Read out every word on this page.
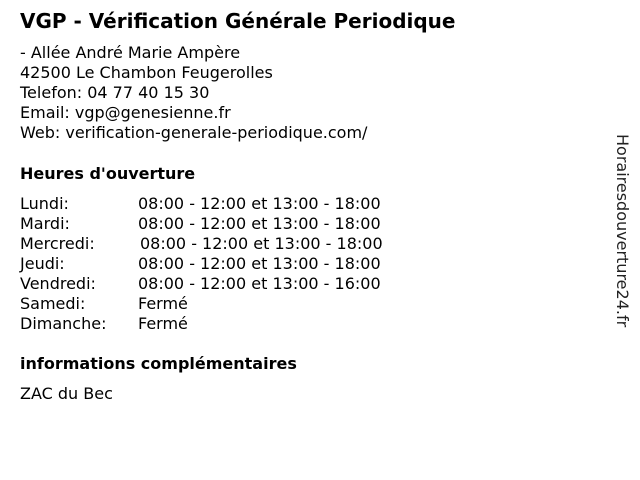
VGP - Vérification Générale Periodique
- Allée André Marie Ampère
42500 Le Chambon Feugerolles
Telefon: 04 77 40 15 30
Email: vgp@genesienne.fr
Web: verification-generale-periodique.com/
Heures d'ouverture
Lundi:	08:00 - 12:00 et 13:00 - 18:00
Mardi:	08:00 - 12:00 et 13:00 - 18:00
Mercredi:	08:00 - 12:00 et 13:00 - 18:00
Jeudi:	08:00 - 12:00 et 13:00 - 18:00
Vendredi:	08:00 - 12:00 et 13:00 - 16:00
Samedi:	Fermé
Dimanche: Fermé
informations complémentaires
ZAC du Bec
Horairesdouverture24.fr
